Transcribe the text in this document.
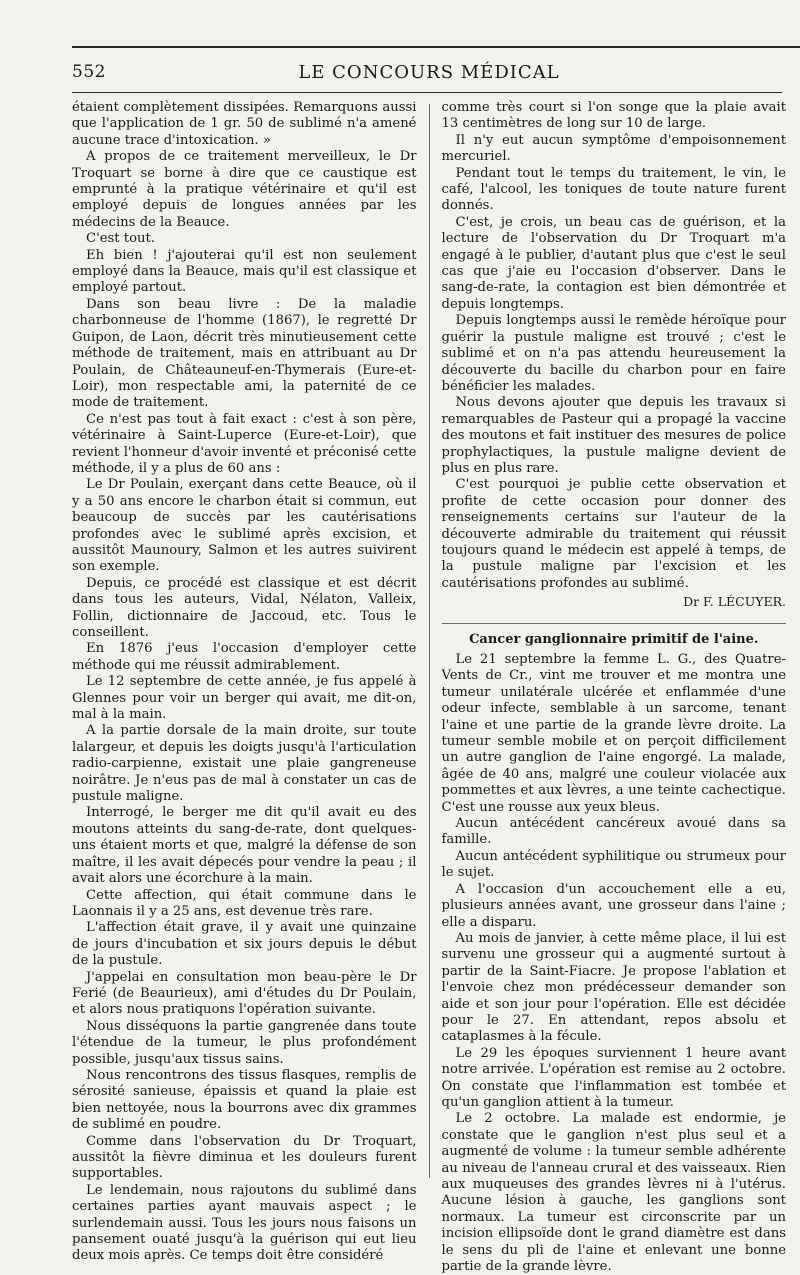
552	LE CONCOURS MÉDICAL

étaient complètement dissipées. Remarquons aussi que l'application de 1 gr. 50 de sublimé n'a amené aucune trace d'intoxication. »

A propos de ce traitement merveilleux, le Dr Troquart se borne à dire que ce caustique est emprunté à la pratique vétérinaire et qu'il est employé depuis de longues années par les médecins de la Beauce.

C'est tout.

Eh bien ! j'ajouterai qu'il est non seulement employé dans la Beauce, mais qu'il est classique et employé partout.

Dans son beau livre : De la maladie charbonneuse de l'homme (1867), le regretté Dr Guipon, de Laon, décrit très minutieusement cette méthode de traitement, mais en attribuant au Dr Poulain, de Châteauneuf-en-Thymerais (Eure-et-Loir), mon respectable ami, la paternité de ce mode de traitement.

Ce n'est pas tout à fait exact : c'est à son père, vétérinaire à Saint-Luperce (Eure-et-Loir), que revient l'honneur d'avoir inventé et préconisé cette méthode, il y a plus de 60 ans :

Le Dr Poulain, exerçant dans cette Beauce, où il y a 50 ans encore le charbon était si commun, eut beaucoup de succès par les cautérisations profondes avec le sublimé après excision, et aussitôt Maunoury, Salmon et les autres suivirent son exemple.

Depuis, ce procédé est classique et est décrit dans tous les auteurs, Vidal, Nélaton, Valleix, Follin, dictionnaire de Jaccoud, etc. Tous le conseillent.

En 1876 j'eus l'occasion d'employer cette méthode qui me réussit admirablement.

Le 12 septembre de cette année, je fus appelé à Glennes pour voir un berger qui avait, me dit-on, mal à la main.

A la partie dorsale de la main droite, sur toute lalargeur, et depuis les doigts jusqu'à l'articulation radio-carpienne, existait une plaie gangreneuse noirâtre. Je n'eus pas de mal à constater un cas de pustule maligne.

Interrogé, le berger me dit qu'il avait eu des moutons atteints du sang-de-rate, dont quelques-uns étaient morts et que, malgré la défense de son maître, il les avait dépecés pour vendre la peau ; il avait alors une écorchure à la main.

Cette affection, qui était commune dans le Laonnais il y a 25 ans, est devenue très rare.

L'affection était grave, il y avait une quinzaine de jours d'incubation et six jours depuis le début de la pustule.

J'appelai en consultation mon beau-père le Dr Ferié (de Beaurieux), ami d'études du Dr Poulain, et alors nous pratiquons l'opération suivante.

Nous disséquons la partie gangrenée dans toute l'étendue de la tumeur, le plus profondément possible, jusqu'aux tissus sains.

Nous rencontrons des tissus flasques, remplis de sérosité sanieuse, épaissis et quand la plaie est bien nettoyée, nous la bourrons avec dix grammes de sublimé en poudre.

Comme dans l'observation du Dr Troquart, aussitôt la fièvre diminua et les douleurs furent supportables.

Le lendemain, nous rajoutons du sublimé dans certaines parties ayant mauvais aspect ; le surlendemain aussi. Tous les jours nous faisons un pansement ouaté jusqu'à la guérison qui eut lieu deux mois après. Ce temps doit être considéré

comme très court si l'on songe que la plaie avait 13 centimètres de long sur 10 de large.

Il n'y eut aucun symptôme d'empoisonnement mercuriel.

Pendant tout le temps du traitement, le vin, le café, l'alcool, les toniques de toute nature furent donnés.

C'est, je crois, un beau cas de guérison, et la lecture de l'observation du Dr Troquart m'a engagé à le publier, d'autant plus que c'est le seul cas que j'aie eu l'occasion d'observer. Dans le sang-de-rate, la contagion est bien démontrée et depuis longtemps.

Depuis longtemps aussi le remède héroïque pour guérir la pustule maligne est trouvé ; c'est le sublimé et on n'a pas attendu heureusement la découverte du bacille du charbon pour en faire bénéficier les malades.

Nous devons ajouter que depuis les travaux si remarquables de Pasteur qui a propagé la vaccine des moutons et fait instituer des mesures de police prophylactiques, la pustule maligne devient de plus en plus rare.

C'est pourquoi je publie cette observation et profite de cette occasion pour donner des renseignements certains sur l'auteur de la découverte admirable du traitement qui réussit toujours quand le médecin est appelé à temps, de la pustule maligne par l'excision et les cautérisations profondes au sublimé.

Dr F. LÉCUYER.
Cancer ganglionnaire primitif de l'aine.

Le 21 septembre la femme L. G., des Quatre-Vents de Cr., vint me trouver et me montra une tumeur unilatérale ulcérée et enflammée d'une odeur infecte, semblable à un sarcome, tenant l'aine et une partie de la grande lèvre droite. La tumeur semble mobile et on perçoit difficilement un autre ganglion de l'aine engorgé. La malade, âgée de 40 ans, malgré une couleur violacée aux pommettes et aux lèvres, a une teinte cachectique. C'est une rousse aux yeux bleus.

Aucun antécédent cancéreux avoué dans sa famille.

Aucun antécédent syphilitique ou strumeux pour le sujet.

A l'occasion d'un accouchement elle a eu, plusieurs années avant, une grosseur dans l'aine ; elle a disparu.

Au mois de janvier, à cette même place, il lui est survenu une grosseur qui a augmenté surtout à partir de la Saint-Fiacre. Je propose l'ablation et l'envoie chez mon prédécesseur demander son aide et son jour pour l'opération. Elle est décidée pour le 27. En attendant, repos absolu et cataplasmes à la fécule.

Le 29 les époques surviennent 1 heure avant notre arrivée. L'opération est remise au 2 octobre. On constate que l'inflammation est tombée et qu'un ganglion attient à la tumeur.

Le 2 octobre. La malade est endormie, je constate que le ganglion n'est plus seul et a augmenté de volume : la tumeur semble adhérente au niveau de l'anneau crural et des vaisseaux. Rien aux muqueuses des grandes lèvres ni à l'utérus. Aucune lésion à gauche, les ganglions sont normaux. La tumeur est circonscrite par un incision ellipsoïde dont le grand diamètre est dans le sens du pli de l'aine et enlevant une bonne partie de la grande lèvre.
